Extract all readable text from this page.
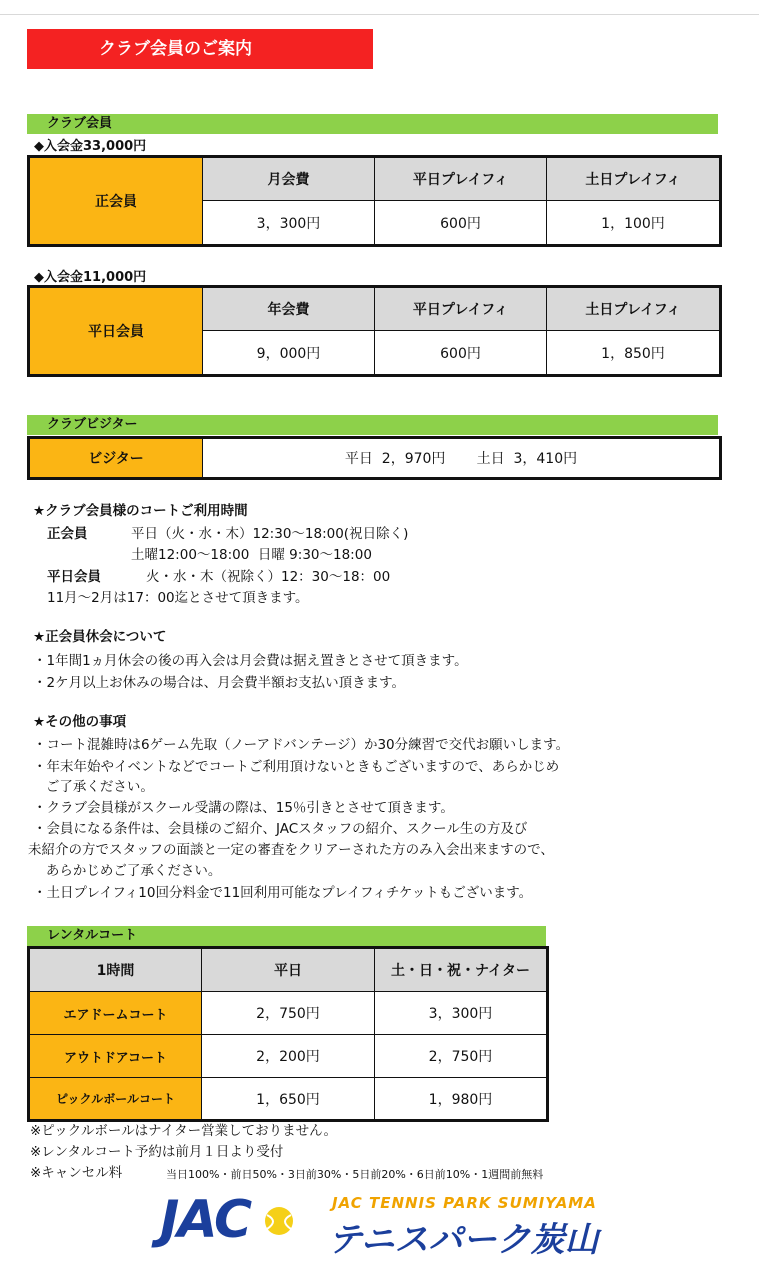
クラブ会員のご案内
クラブ会員
◆入会金33,000円
正会員	月会費	平日プレイフィ	土日プレイフィ
	3，300円	600円	1，100円
◆入会金11,000円
平日会員	年会費	平日プレイフィ	土日プレイフィ
	9，000円	600円	1，850円
クラブビジター
ビジター	平日  2，970円       土日  3，410円
★クラブ会員様のコートご利用時間
正会員	平日（火・水・木）12:30～18:00(祝日除く)
土曜12:00～18:00  日曜 9:30～18:00
平日会員	火・水・木（祝除く）12：30～18：00
11月～2月は17：00迄とさせて頂きます。
★正会員休会について
・1年間1ヵ月休会の後の再入会は月会費は据え置きとさせて頂きます。
・2ケ月以上お休みの場合は、月会費半額お支払い頂きます。
★その他の事項
・コート混雑時は6ゲーム先取（ノーアドバンテージ）か30分練習で交代お願いします。
・年末年始やイベントなどでコートご利用頂けないときもございますので、あらかじめ
ご了承ください。
・クラブ会員様がスクール受講の際は、15％引きとさせて頂きます。
・会員になる条件は、会員様のご紹介、JACスタッフの紹介、スクール生の方及び
未紹介の方でスタッフの面談と一定の審査をクリアーされた方のみ入会出来ますので、
あらかじめご了承ください。
・土日プレイフィ10回分料金で11回利用可能なプレイフィチケットもございます。
レンタルコート
1時間	平日	土・日・祝・ナイター
エアドームコート	2，750円	3，300円
アウトドアコート	2，200円	2，750円
ピックルボールコート	1，650円	1，980円
※ピックルボールはナイター営業しておりません。
※レンタルコート予約は前月１日より受付
※キャンセル料	当日100%・前日50%・3日前30%・5日前20%・6日前10%・1週間前無料
JAC	JAC TENNIS PARK SUMIYAMA
テニスパーク炭山
